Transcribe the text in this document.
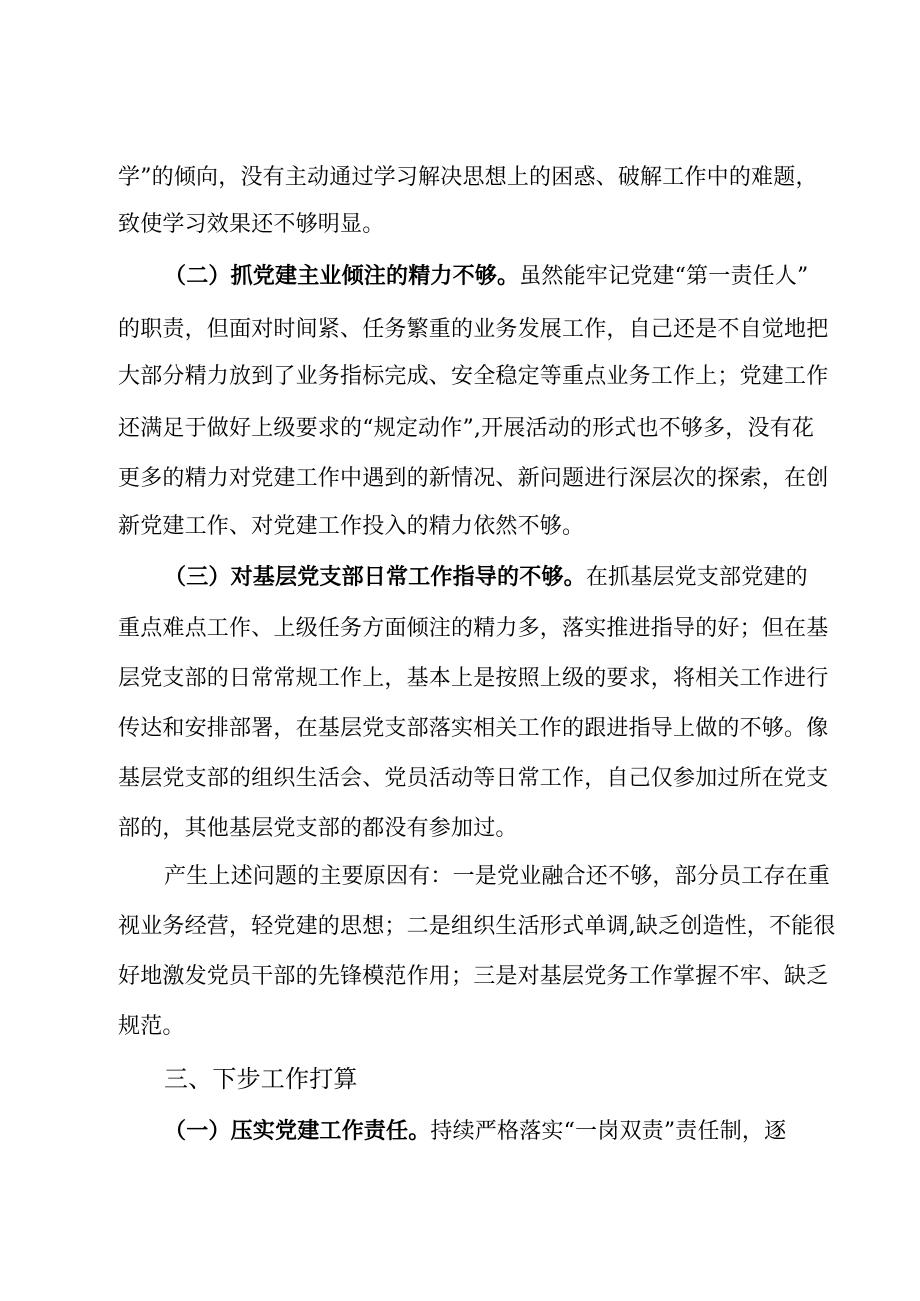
学”的倾向，没有主动通过学习解决思想上的困惑、破解工作中的难题，
致使学习效果还不够明显。
（二）抓党建主业倾注的精力不够。虽然能牢记党建“第一责任人”
的职责，但面对时间紧、任务繁重的业务发展工作，自己还是不自觉地把
大部分精力放到了业务指标完成、安全稳定等重点业务工作上；党建工作
还满足于做好上级要求的“规定动作”,开展活动的形式也不够多，没有花
更多的精力对党建工作中遇到的新情况、新问题进行深层次的探索，在创
新党建工作、对党建工作投入的精力依然不够。
（三）对基层党支部日常工作指导的不够。在抓基层党支部党建的
重点难点工作、上级任务方面倾注的精力多，落实推进指导的好；但在基
层党支部的日常常规工作上，基本上是按照上级的要求，将相关工作进行
传达和安排部署，在基层党支部落实相关工作的跟进指导上做的不够。像
基层党支部的组织生活会、党员活动等日常工作，自己仅参加过所在党支
部的，其他基层党支部的都没有参加过。
产生上述问题的主要原因有：一是党业融合还不够，部分员工存在重
视业务经营，轻党建的思想；二是组织生活形式单调,缺乏创造性，不能很
好地激发党员干部的先锋模范作用；三是对基层党务工作掌握不牢、缺乏
规范。
三、下步工作打算
（一）压实党建工作责任。持续严格落实“一岗双责”责任制，逐
